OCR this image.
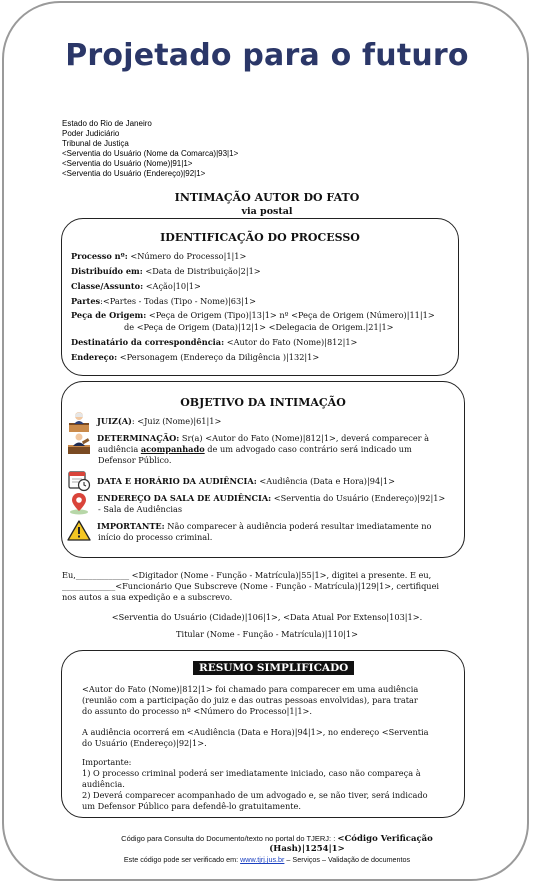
Projetado para o futuro
Estado do Rio de Janeiro
Poder Judiciário
Tribunal de Justiça
<Serventia do Usuário (Nome da Comarca)|93|1>
<Serventia do Usuário (Nome)|91|1>
<Serventia do Usuário (Endereço)|92|1>
INTIMAÇÃO AUTOR DO FATO
via postal
IDENTIFICAÇÃO DO PROCESSO
Processo nº: <Número do Processo|1|1>
Distribuído em: <Data de Distribuição|2|1>
Classe/Assunto: <Ação|10|1>
Partes:<Partes - Todas (Tipo - Nome)|63|1>
Peça de Origem: <Peça de Origem (Tipo)|13|1> nº <Peça de Origem (Número)|11|1>
de <Peça de Origem (Data)|12|1> <Delegacia de Origem.|21|1>
Destinatário da correspondência: <Autor do Fato (Nome)|812|1>
Endereço: <Personagem (Endereço da Diligência )|132|1>
OBJETIVO DA INTIMAÇÃO
JUIZ(A): <Juiz (Nome)|61|1>
DETERMINAÇÃO: Sr(a) <Autor do Fato (Nome)|812|1>, deverá comparecer à
audiência acompanhado de um advogado caso contrário será indicado um
Defensor Público.
DATA E HORÁRIO DA AUDIÊNCIA: <Audiência (Data e Hora)|94|1>
ENDEREÇO DA SALA DE AUDIÊNCIA: <Serventia do Usuário (Endereço)|92|1>
- Sala de Audiências
IMPORTANTE: Não comparecer à audiência poderá resultar imediatamente no
início do processo criminal.
Eu,_____________ <Digitador (Nome - Função - Matrícula)|55|1>, digitei a presente. E eu,
_____________<Funcionário Que Subscreve (Nome - Função - Matrícula)|129|1>, certifiquei
nos autos a sua expedição e a subscrevo.
<Serventia do Usuário (Cidade)|106|1>, <Data Atual Por Extenso|103|1>.
Titular (Nome - Função - Matrícula)|110|1>
RESUMO SIMPLIFICADO
<Autor do Fato (Nome)|812|1> foi chamado para comparecer em uma audiência
(reunião com a participação do juiz e das outras pessoas envolvidas), para tratar
do assunto do processo nº <Número do Processo|1|1>.
A audiência ocorrerá em <Audiência (Data e Hora)|94|1>, no endereço <Serventia
do Usuário (Endereço)|92|1>.
Importante:
1) O processo criminal poderá ser imediatamente iniciado, caso não compareça à
audiência.
2) Deverá comparecer acompanhado de um advogado e, se não tiver, será indicado
um Defensor Público para defendê-lo gratuitamente.
Código para Consulta do Documento/texto no portal do TJERJ: : <Código Verificação
(Hash)|1254|1>
Este código pode ser verificado em: www.tjrj.jus.br – Serviços – Validação de documentos
